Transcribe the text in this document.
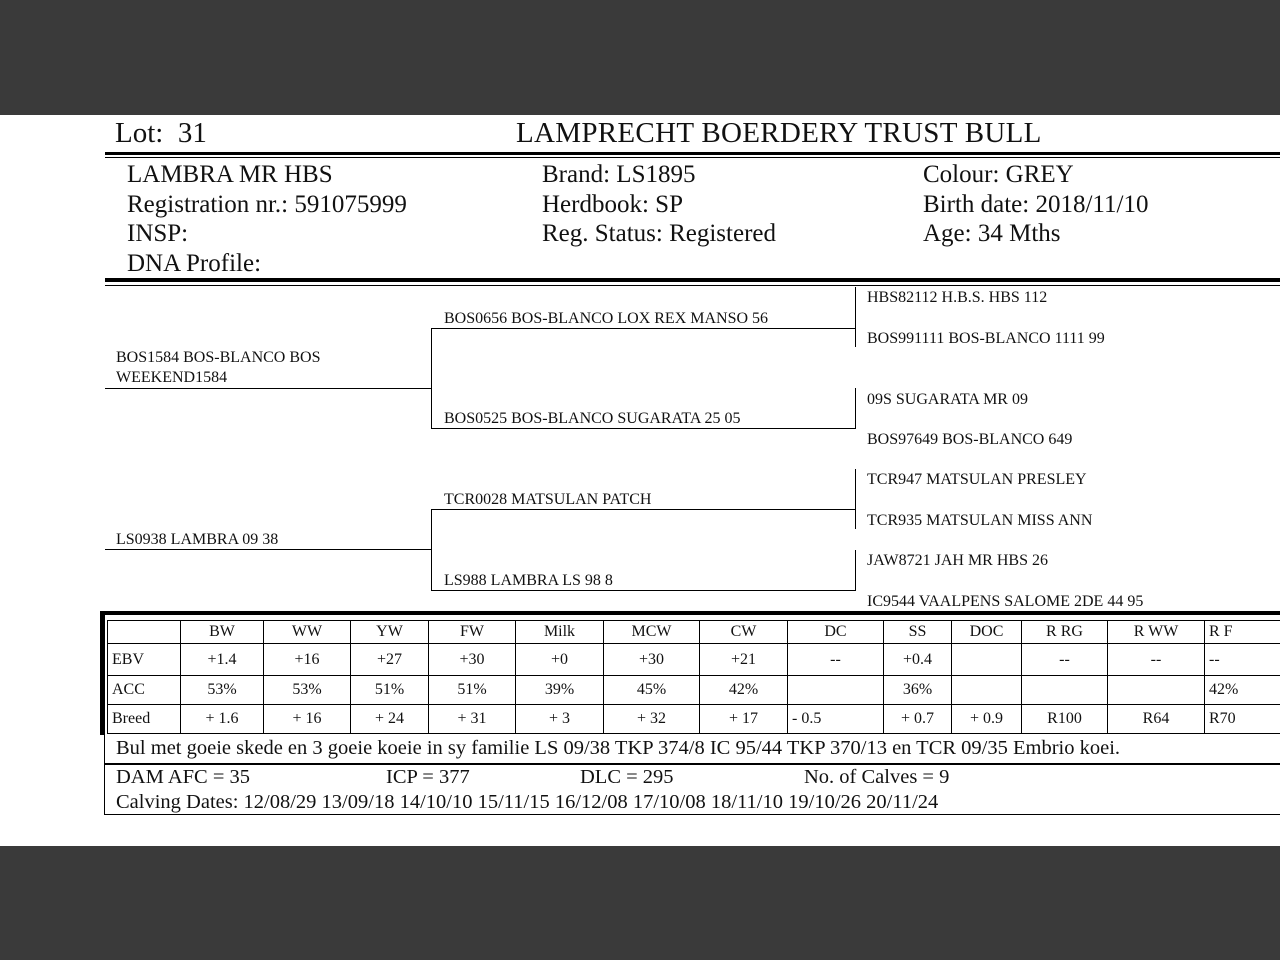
Lot: 31	LAMPRECHT BOERDERY TRUST BULL
LAMBRA MR HBS
Registration nr.: 591075999
INSP:
DNA Profile:
Brand: LS1895
Herdbook: SP
Reg. Status: Registered
Colour: GREY
Birth date: 2018/11/10
Age: 34 Mths
BOS1584 BOS-BLANCO BOS
WEEKEND1584
LS0938 LAMBRA 09 38
BOS0656 BOS-BLANCO LOX REX MANSO 56
BOS0525 BOS-BLANCO SUGARATA 25 05
TCR0028 MATSULAN PATCH
LS988 LAMBRA LS 98 8
HBS82112 H.B.S. HBS 112
BOS991111 BOS-BLANCO 1111 99
09S SUGARATA MR 09
BOS97649 BOS-BLANCO 649
TCR947 MATSULAN PRESLEY
TCR935 MATSULAN MISS ANN
JAW8721 JAH MR HBS 26
IC9544 VAALPENS SALOME 2DE 44 95
	BW	WW	YW	FW	Milk	MCW	CW	DC	SS	DOC	R RG	R WW	R F
EBV	+1.4	+16	+27	+30	+0	+30	+21	--	+0.4		--	--	--
ACC	53%	53%	51%	51%	39%	45%	42%		36%				42%
Breed	+ 1.6	+ 16	+ 24	+ 31	+ 3	+ 32	+ 17	- 0.5	+ 0.7	+ 0.9	R100	R64	R70
Bul met goeie skede en 3 goeie koeie in sy familie LS 09/38 TKP 374/8 IC 95/44 TKP 370/13 en TCR 09/35 Embrio koei.
DAM AFC = 35	ICP = 377	DLC = 295	No. of Calves = 9
Calving Dates: 12/08/29 13/09/18 14/10/10 15/11/15 16/12/08 17/10/08 18/11/10 19/10/26 20/11/24
